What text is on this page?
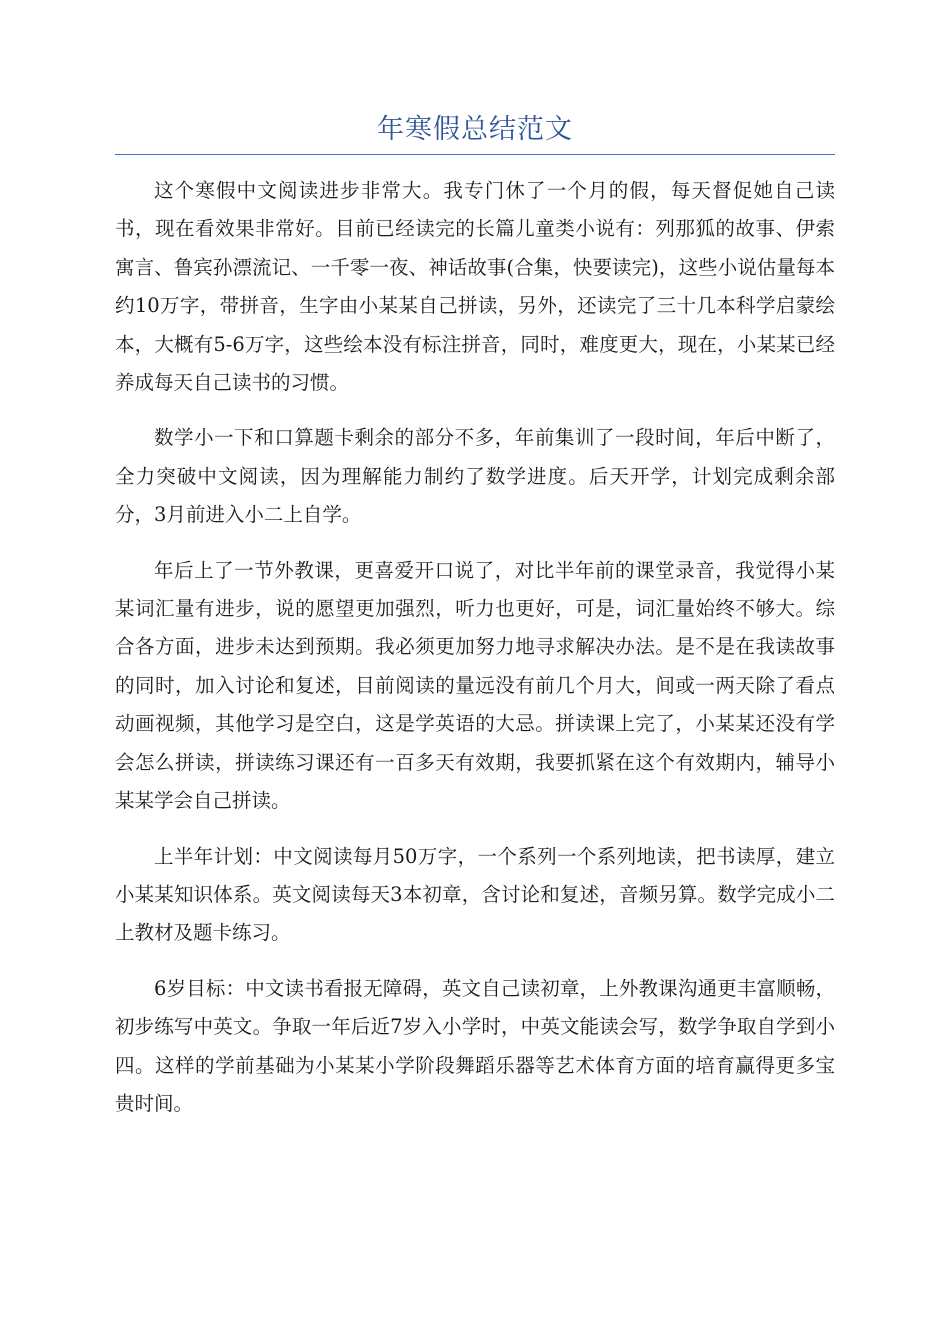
年寒假总结范文

这个寒假中文阅读进步非常大。我专门休了一个月的假，每天督促她自己读书，现在看效果非常好。目前已经读完的长篇儿童类小说有：列那狐的故事、伊索寓言、鲁宾孙漂流记、一千零一夜、神话故事(合集，快要读完)，这些小说估量每本约10万字，带拼音，生字由小某某自己拼读，另外，还读完了三十几本科学启蒙绘本，大概有5-6万字，这些绘本没有标注拼音，同时，难度更大，现在，小某某已经养成每天自己读书的习惯。

数学小一下和口算题卡剩余的部分不多，年前集训了一段时间，年后中断了，全力突破中文阅读，因为理解能力制约了数学进度。后天开学，计划完成剩余部分，3月前进入小二上自学。

年后上了一节外教课，更喜爱开口说了，对比半年前的课堂录音，我觉得小某某词汇量有进步，说的愿望更加强烈，听力也更好，可是，词汇量始终不够大。综合各方面，进步未达到预期。我必须更加努力地寻求解决办法。是不是在我读故事的同时，加入讨论和复述，目前阅读的量远没有前几个月大，间或一两天除了看点动画视频，其他学习是空白，这是学英语的大忌。拼读课上完了，小某某还没有学会怎么拼读，拼读练习课还有一百多天有效期，我要抓紧在这个有效期内，辅导小某某学会自己拼读。

上半年计划：中文阅读每月50万字，一个系列一个系列地读，把书读厚，建立小某某知识体系。英文阅读每天3本初章，含讨论和复述，音频另算。数学完成小二上教材及题卡练习。

6岁目标：中文读书看报无障碍，英文自己读初章，上外教课沟通更丰富顺畅，初步练写中英文。争取一年后近7岁入小学时，中英文能读会写，数学争取自学到小四。这样的学前基础为小某某小学阶段舞蹈乐器等艺术体育方面的培育赢得更多宝贵时间。
